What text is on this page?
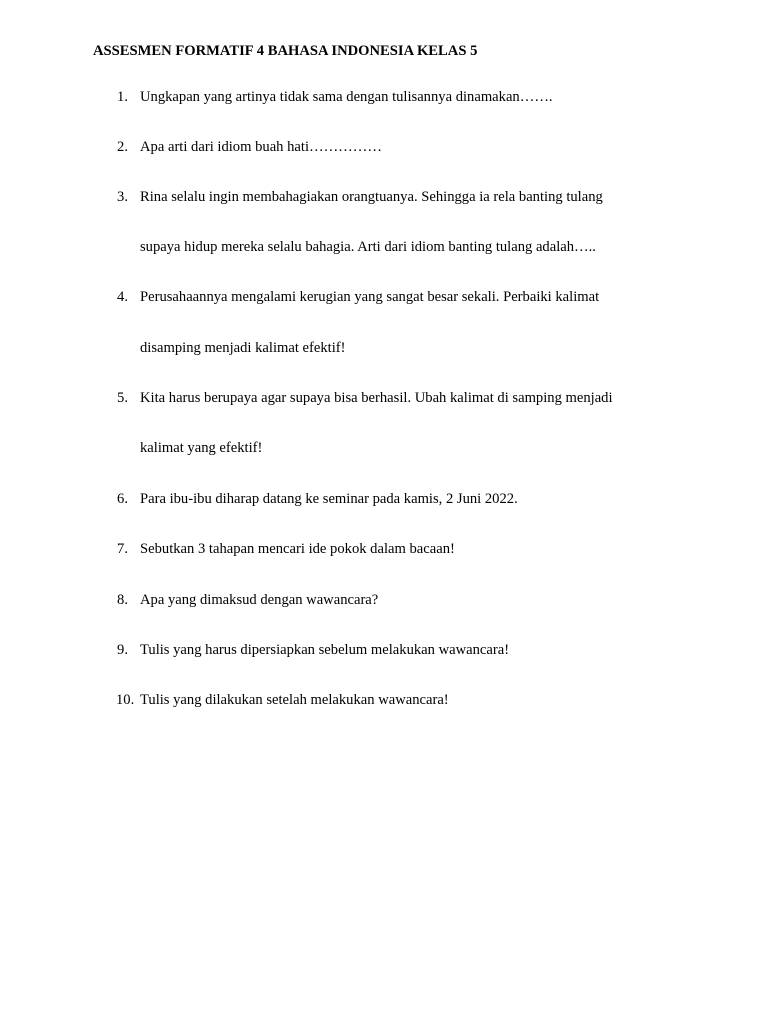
ASSESMEN FORMATIF 4 BAHASA INDONESIA KELAS 5
1. Ungkapan yang artinya tidak sama dengan tulisannya dinamakan…….
2. Apa arti dari idiom buah hati……………
3. Rina selalu ingin membahagiakan orangtuanya. Sehingga ia rela banting tulang
supaya hidup mereka selalu bahagia. Arti dari idiom banting tulang adalah…..
4. Perusahaannya mengalami kerugian yang sangat besar sekali. Perbaiki kalimat
disamping menjadi kalimat efektif!
5. Kita harus berupaya agar supaya bisa berhasil. Ubah kalimat di samping menjadi
kalimat yang efektif!
6. Para ibu-ibu diharap datang ke seminar pada kamis, 2 Juni 2022.
7. Sebutkan 3 tahapan mencari ide pokok dalam bacaan!
8. Apa yang dimaksud dengan wawancara?
9. Tulis yang harus dipersiapkan sebelum melakukan wawancara!
10. Tulis yang dilakukan setelah melakukan wawancara!
